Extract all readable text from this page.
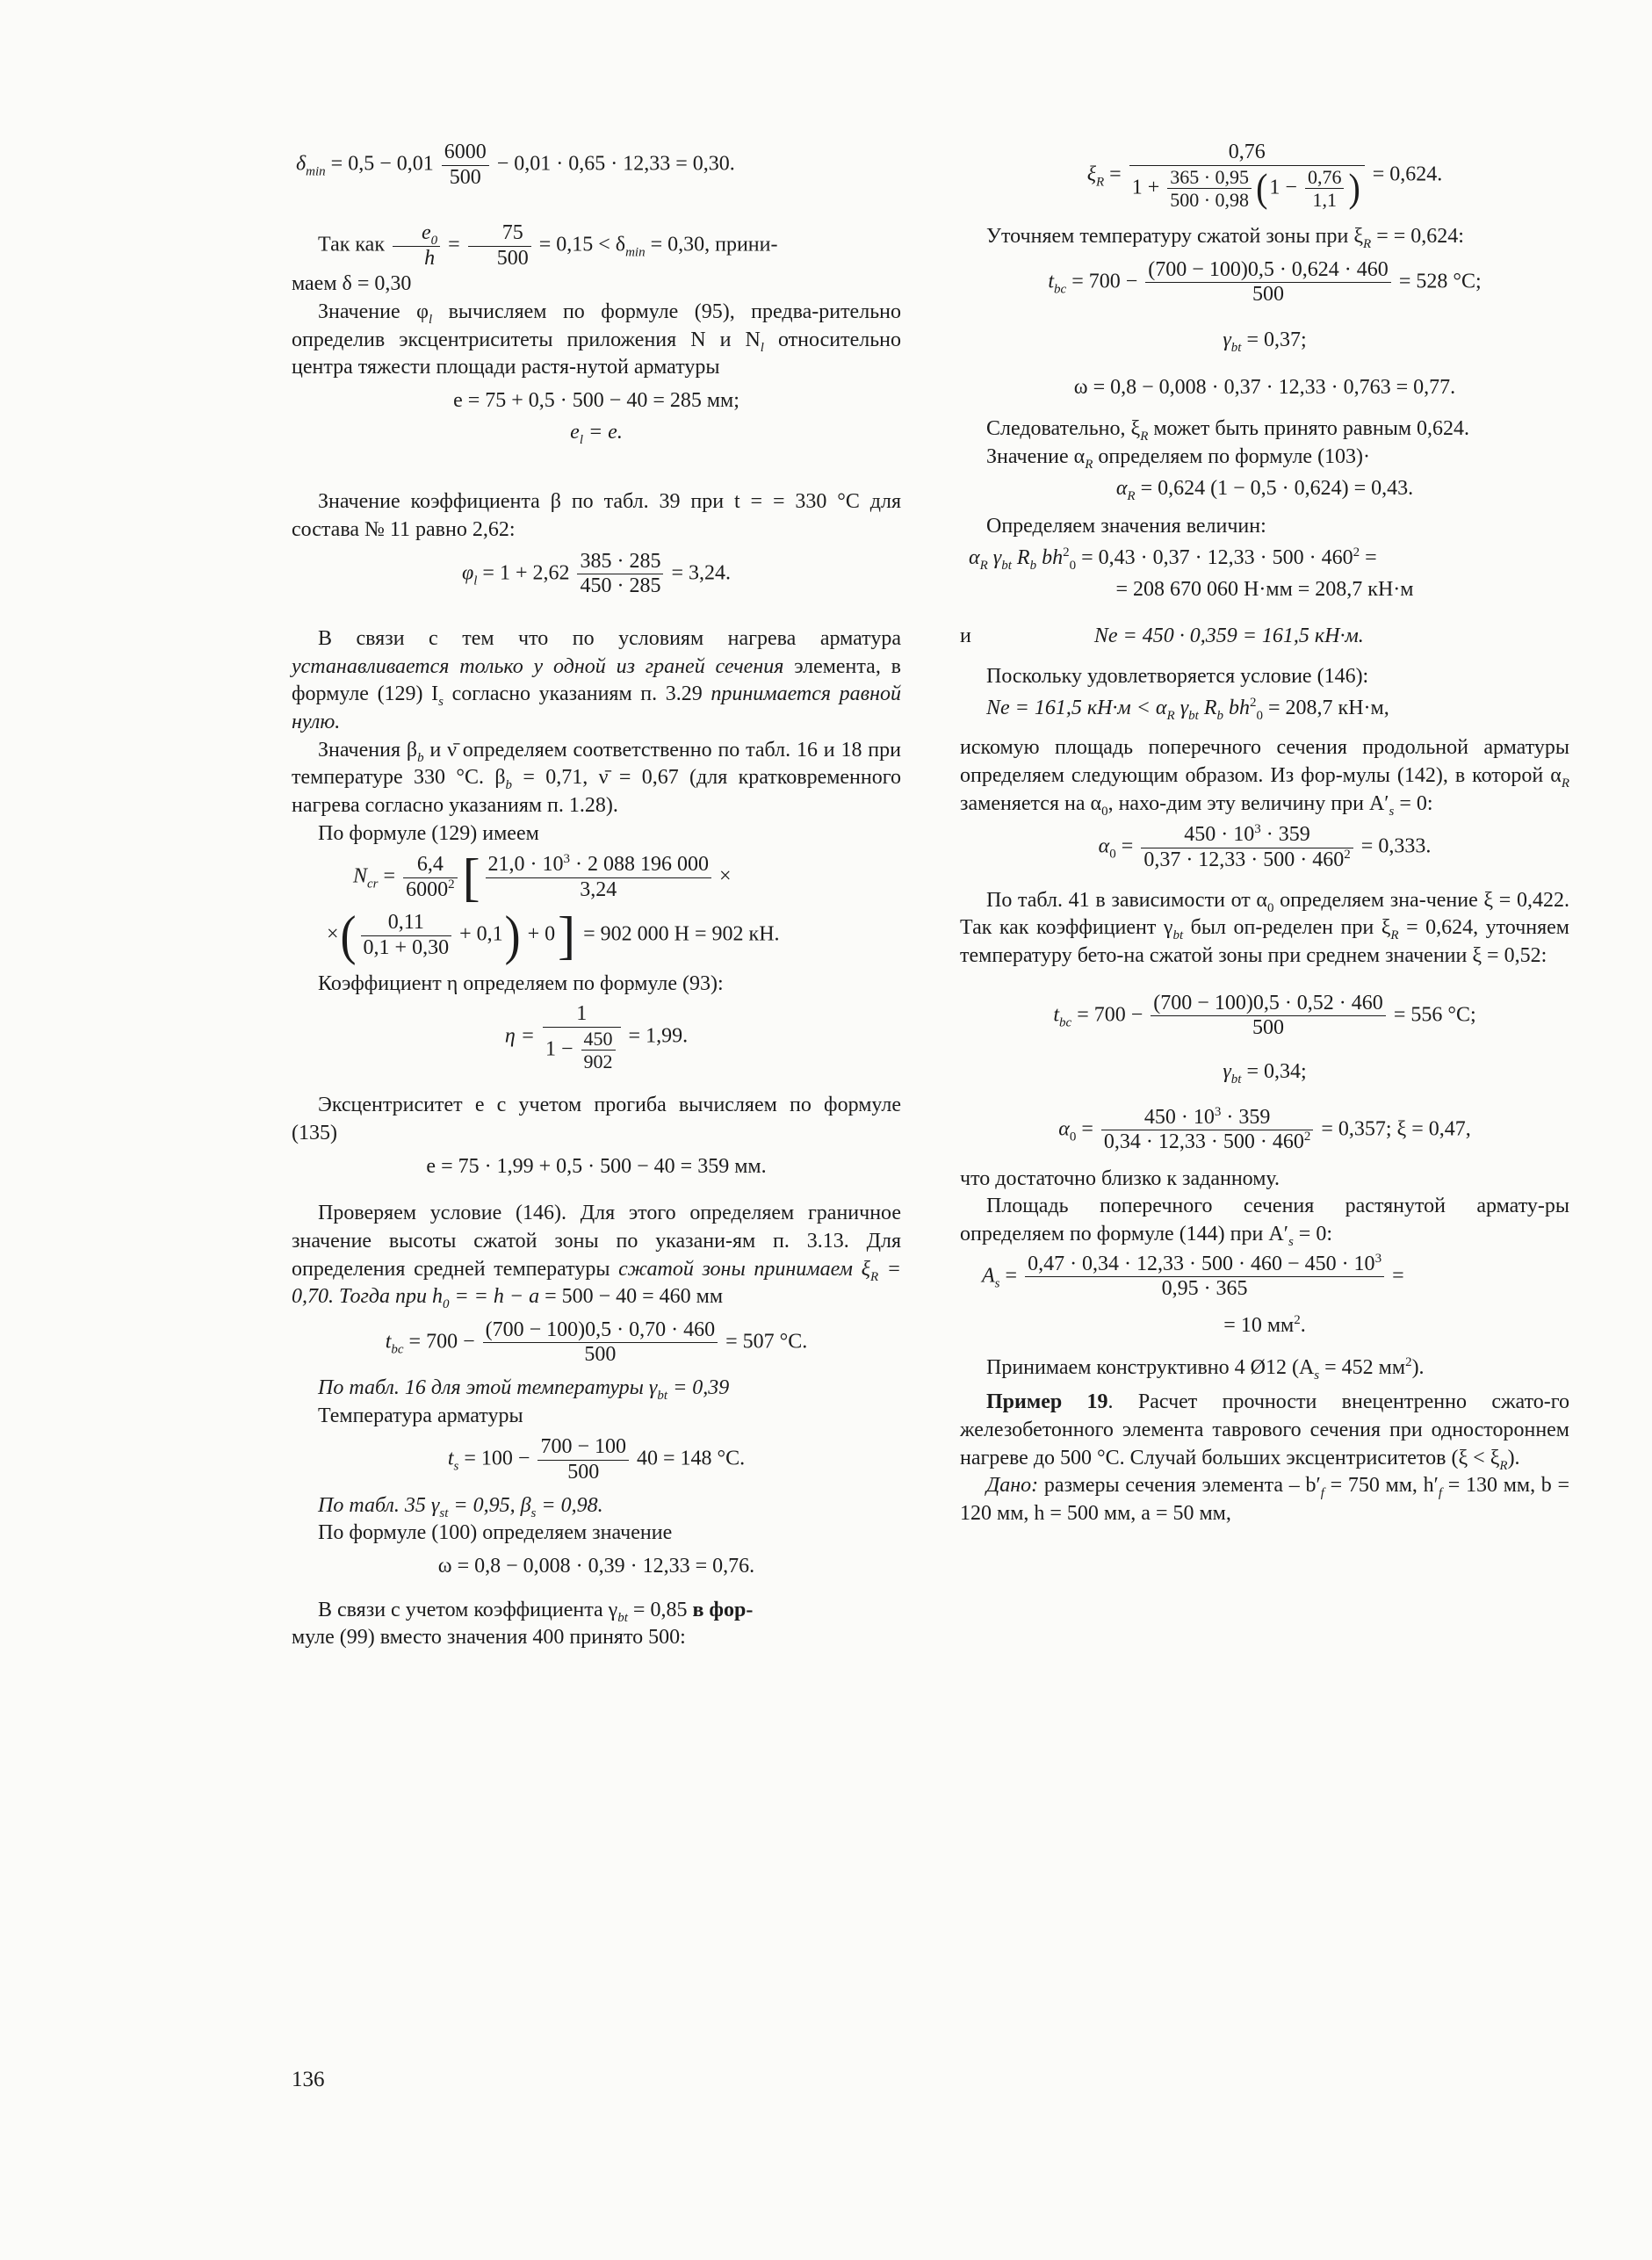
$\delta_{min} = 0,5 - 0,01 \frac{6000}{500} - 0,01 \cdot 0,65 \cdot 12,33 = 0,30$.
Так как $\frac{e_0}{h} = \frac{75}{500} = 0,15 < \delta_{min} = 0,30$, прини-
маем δ = 0,30
Значение $\varphi_l$ вычисляем по формуле (95), предва-рительно определив эксцентриситеты приложения N и $N_l$ относительно центра тяжести площади растя-нутой арматуры
e = 75 + 0,5 · 500 − 40 = 285 мм;
$e_l = e$.
Значение коэффициента β по табл. 39 при t = = 330 °С для состава № 11 равно 2,62:
$\varphi_l = 1 + 2,62 \frac{385 \cdot 285}{450 \cdot 285} = 3,24$.
В связи с тем что по условиям нагрева арматура устанавливается только у одной из граней сечения элемента, в формуле (129) $I_s$ согласно указаниям п. 3.29 принимается равной нулю.
Значения $\beta_b$ и ν̄ определяем соответственно по табл. 16 и 18 при температуре 330 °С. $\beta_b = 0,71$, ν̄ = 0,67 (для кратковременного нагрева согласно указаниям п. 1.28).
По формуле (129) имеем
$N_{cr} = \frac{6,4}{6000^2}$ [ $\frac{21,0 \cdot 10^3 \cdot 2 088 196 000}{3,24}$ ×
×( $\frac{0,11}{0,1 + 0,30} + 0,1) + 0] = 902$ 000 Н = 902 кН.
Коэффициент η определяем по формуле (93):
$\eta = \frac{1}{1 - \frac{450}{902}} = 1,99$.
Эксцентриситет e с учетом прогиба вычисляем по формуле (135)
e = 75 · 1,99 + 0,5 · 500 − 40 = 359 мм.
Проверяем условие (146). Для этого определяем граничное значение высоты сжатой зоны по указани-ям п. 3.13. Для определения средней температуры сжатой зоны принимаем $\xi_R = 0,70$. Тогда при $h_0$ = = h − a = 500 − 40 = 460 мм
$t_{bc} = 700 - \frac{(700 - 100)0,5 \cdot 0,70 \cdot 460}{500} = 507$ °С.
По табл. 16 для этой температуры $\gamma_{bt} = 0,39$
Температура арматуры
$t_s = 100 - \frac{700 - 100}{500} 40 = 148$ °С.
По табл. 35 $\gamma_{st} = 0,95$, $\beta_s = 0,98$.
По формуле (100) определяем значение
ω = 0,8 − 0,008 · 0,39 · 12,33 = 0,76.
В связи с учетом коэффициента $\gamma_{bt} = 0,85$ в фор-
муле (99) вместо значения 400 принято 500:
$\xi_R = \frac{0,76}{1 + \frac{365 \cdot 0,95}{500 \cdot 0,98} (1 - \frac{0,76}{1,1} )} = 0,624$.
Уточняем температуру сжатой зоны при $\xi_R$ = = 0,624:
$t_{bc} = 700 - \frac{(700 - 100)0,5 \cdot 0,624 \cdot 460}{500} = 528$ °С;
$\gamma_{bt} = 0,37$;
ω = 0,8 − 0,008 · 0,37 · 12,33 · 0,763 = 0,77.
Следовательно, $\xi_R$ может быть принято равным 0,624.
Значение $\alpha_R$ определяем по формуле (103)·
$\alpha_R = 0,624$ (1 − 0,5 · 0,624) = 0,43.
Определяем значения величин:
$\alpha_R$ $\gamma_{bt}$ $R_b$ $bh^2_0 = 0,43 \cdot 0,37 \cdot 12,33 \cdot 500 \cdot 460^2$ =
= 208 670 060 Н·мм = 208,7 кН·м
и	Ne = 450 · 0,359 = 161,5 кН·м.
Поскольку удовлетворяется условие (146):
Ne = 161,5 $кН\cdot м < \alpha_R$ $\gamma_{bt}$ $R_b$ $bh^2_0 = 208,7$ кН·м,
искомую площадь поперечного сечения продольной арматуры определяем следующим образом. Из фор-мулы (142), в которой $\alpha_R$ заменяется на $\alpha_0$, нахо-дим эту величину при $A'_s = 0$:
$\alpha_0 = \frac{450 \cdot 10^3 \cdot 359}{0,37 \cdot 12,33 \cdot 500 \cdot 460^2} = 0,333$.
По табл. 41 в зависимости от $\alpha_0$ определяем зна-чение ξ = 0,422. Так как коэффициент $\gamma_{bt}$ был оп-ределен при $\xi_R = 0,624$, уточняем температуру бето-на сжатой зоны при среднем значении ξ = 0,52:
$t_{bc} = 700 - \frac{(700 - 100)0,5 \cdot 0,52 \cdot 460}{500} = 556$ °С;
$\gamma_{bt} = 0,34$;
$\alpha_0 = \frac{450 \cdot 10^3 \cdot 359}{0,34 \cdot 12,33 \cdot 500 \cdot 460^2} = 0,357$; ξ = 0,47,
что достаточно близко к заданному.
Площадь поперечного сечения растянутой армату-ры определяем по формуле (144) при $A'_s = 0$:
$A_s = \frac{0,47 \cdot 0,34 \cdot 12,33 \cdot 500 \cdot 460 - 450 \cdot 10^3}{0,95 \cdot 365}$ =
= 10 $мм^2$.
Принимаем конструктивно 4 Ø12 ($A_s = 452$ $мм^2$).
Пример 19. Расчет прочности внецентренно сжато-го железобетонного элемента таврового сечения при одностороннем нагреве до 500 °С. Случай больших эксцентриситетов $(\xi < \xi_R)$.
Дано: размеры сечения элемента – $b'_f = 750$ мм, $h'_f = 130$ мм, b = 120 мм, h = 500 мм, a = 50 мм,
136
